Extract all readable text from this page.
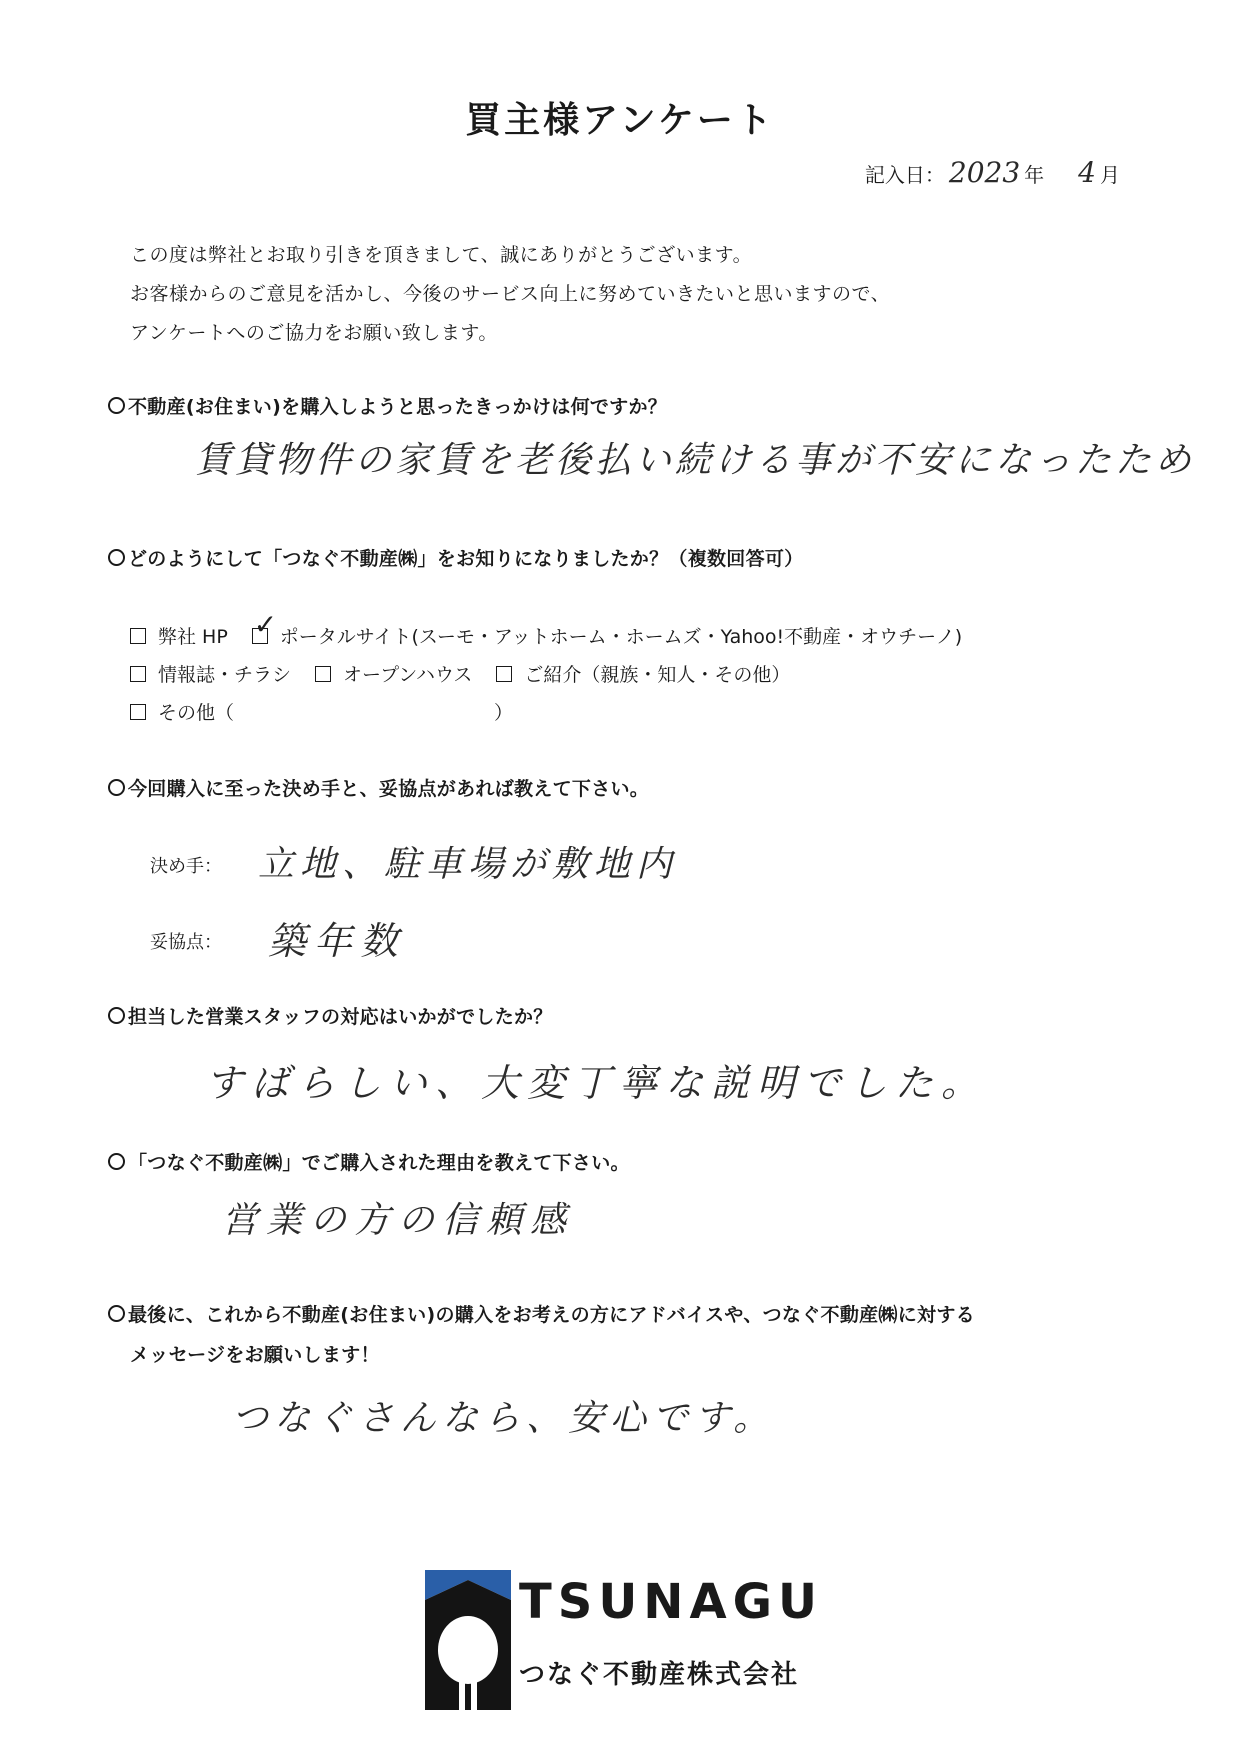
買主様アンケート
記入日： 2023 年 4 月
この度は弊社とお取り引きを頂きまして、誠にありがとうございます。
お客様からのご意見を活かし、今後のサービス向上に努めていきたいと思いますので、
アンケートへのご協力をお願い致します。
不動産(お住まい)を購入しようと思ったきっかけは何ですか？
賃貸物件の家賃を老後払い続ける事が不安になったため
どのようにして「つなぐ不動産㈱」をお知りになりましたか？（複数回答可）
弊社 HP ✓ ポータルサイト(スーモ・アットホーム・ホームズ・Yahoo!不動産・オウチーノ)
情報誌・チラシ	オープンハウス	ご紹介（親族・知人・その他）
その他（	）
今回購入に至った決め手と、妥協点があれば教えて下さい。
決め手： 立地、駐車場が敷地内
妥協点： 築年数
担当した営業スタッフの対応はいかがでしたか？
すばらしい、大変丁寧な説明でした。
「つなぐ不動産㈱」でご購入された理由を教えて下さい。
営業の方の信頼感
最後に、これから不動産(お住まい)の購入をお考えの方にアドバイスや、つなぐ不動産㈱に対する
メッセージをお願いします！
つなぐさんなら、安心です。
TSUNAGU
つなぐ不動産株式会社
